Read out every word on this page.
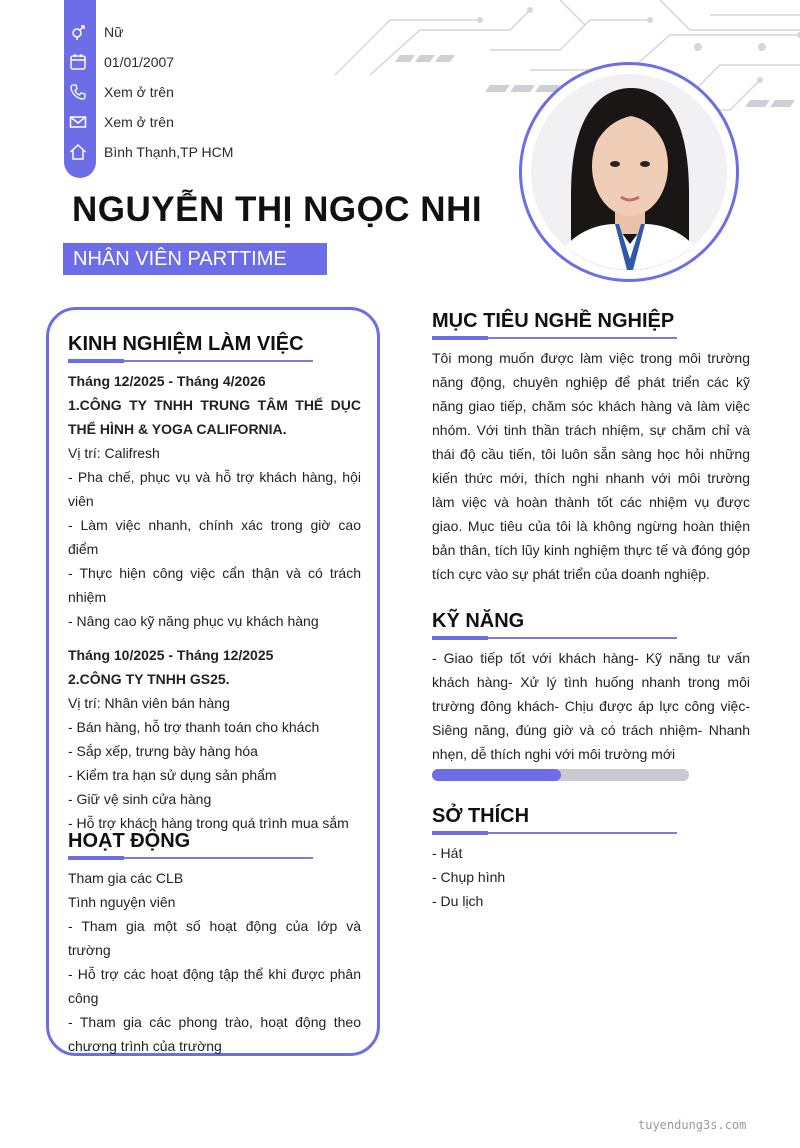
Nữ
01/01/2007
Xem ở trên
Xem ở trên
Bình Thạnh,TP HCM
NGUYỄN THỊ NGỌC NHI
NHÂN VIÊN PARTTIME
KINH NGHIỆM LÀM VIỆC
Tháng 12/2025 - Tháng 4/2026
1.CÔNG TY TNHH TRUNG TÂM THỂ DỤC THỂ HÌNH & YOGA CALIFORNIA.
Vị trí: Califresh
- Pha chế, phục vụ và hỗ trợ khách hàng, hội viên
- Làm việc nhanh, chính xác trong giờ cao điểm
- Thực hiện công việc cẩn thận và có trách nhiệm
- Nâng cao kỹ năng phục vụ khách hàng
Tháng 10/2025 - Tháng 12/2025
2.CÔNG TY TNHH GS25.
Vị trí: Nhân viên bán hàng
- Bán hàng, hỗ trợ thanh toán cho khách
- Sắp xếp, trưng bày hàng hóa
- Kiểm tra hạn sử dụng sản phẩm
- Giữ vệ sinh cửa hàng
- Hỗ trợ khách hàng trong quá trình mua sắm
HOẠT ĐỘNG
Tham gia các CLB
Tình nguyện viên
- Tham gia một số hoạt động của lớp và trường
- Hỗ trợ các hoạt động tập thể khi được phân công
- Tham gia các phong trào, hoạt động theo chương trình của trường
MỤC TIÊU NGHỀ NGHIỆP
Tôi mong muốn được làm việc trong môi trường năng động, chuyên nghiệp để phát triển các kỹ năng giao tiếp, chăm sóc khách hàng và làm việc nhóm. Với tinh thần trách nhiệm, sự chăm chỉ và thái độ cầu tiến, tôi luôn sẵn sàng học hỏi những kiến thức mới, thích nghi nhanh với môi trường làm việc và hoàn thành tốt các nhiệm vụ được giao. Mục tiêu của tôi là không ngừng hoàn thiện bản thân, tích lũy kinh nghiệm thực tế và đóng góp tích cực vào sự phát triển của doanh nghiệp.
KỸ NĂNG
- Giao tiếp tốt với khách hàng- Kỹ năng tư vấn khách hàng- Xử lý tình huống nhanh trong môi trường đông khách- Chịu được áp lực công việc- Siêng năng, đúng giờ và có trách nhiệm- Nhanh nhẹn, dễ thích nghi với môi trường mới
SỞ THÍCH
- Hát
- Chụp hình
- Du lịch
tuyendung3s.com
